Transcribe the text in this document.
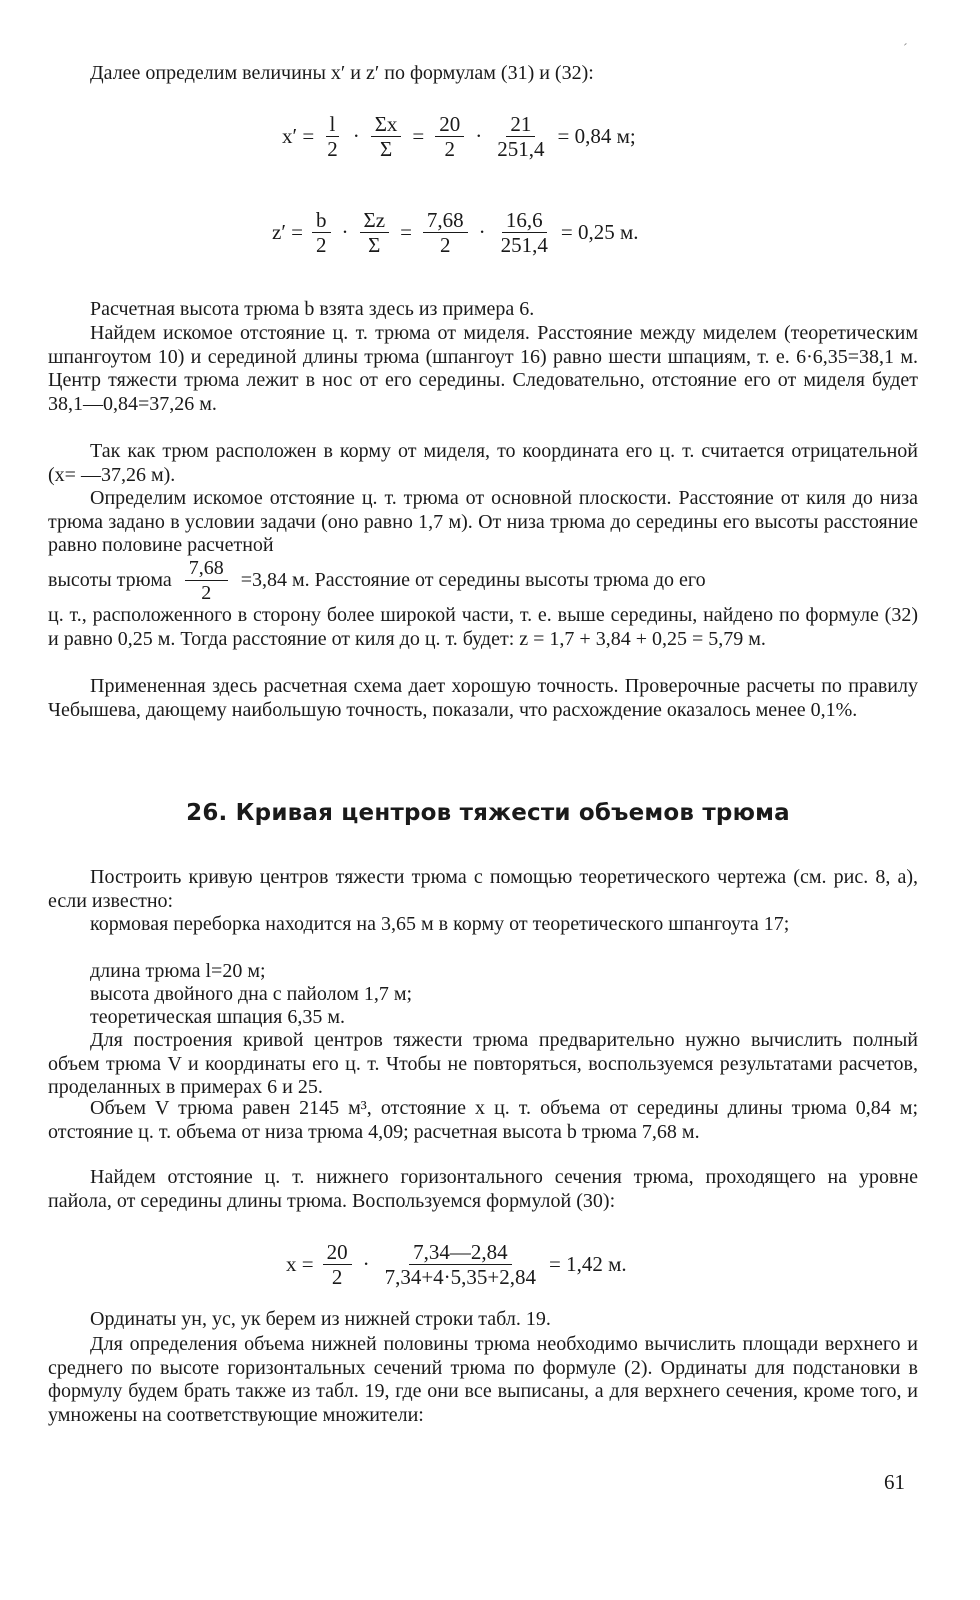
ˊ

Далее определим величины x′ и z′ по формулам (31) и (32):

$x' = \frac{l}{2} \cdot \frac{\Sigma x}{\Sigma} = \frac{20}{2} \cdot \frac{21}{251,4} = 0,84$ м;
$z' = \frac{b}{2} \cdot \frac{\Sigma z}{\Sigma} = \frac{7,68}{2} \cdot \frac{16,6}{251,4} = 0,25$ м.

Расчетная высота трюма b взята здесь из примера 6.

Найдем искомое отстояние ц. т. трюма от миделя. Расстояние между миделем (теоретическим шпангоутом 10) и серединой длины трюма (шпангоут 16) равно шести шпациям, т. е. 6·6,35=38,1 м. Центр тяжести трюма лежит в нос от его середины. Следовательно, отстояние его от миделя будет 38,1—0,84=37,26 м.

Так как трюм расположен в корму от миделя, то координата его ц. т. считается отрицательной (x= —37,26 м).

Определим искомое отстояние ц. т. трюма от основной плоскости. Расстояние от киля до низа трюма задано в условии задачи (оно равно 1,7 м). От низа трюма до середины его высоты расстояние равно половине расчетной

высоты трюма $\frac{7,68}{2} =3,84$ м. Расстояние от середины высоты трюма до его

ц. т., расположенного в сторону более широкой части, т. е. выше середины, найдено по формуле (32) и равно 0,25 м. Тогда расстояние от киля до ц. т. будет: z = 1,7 + 3,84 + 0,25 = 5,79 м.

Примененная здесь расчетная схема дает хорошую точность. Проверочные расчеты по правилу Чебышева, дающему наибольшую точность, показали, что расхождение оказалось менее 0,1%.

26. Кривая центров тяжести объемов трюма

Построить кривую центров тяжести трюма с помощью теоретического чертежа (см. рис. 8, a), если известно:

кормовая переборка находится на 3,65 м в корму от теоретического шпангоута 17;

длина трюма l=20 м;

высота двойного дна с пайолом 1,7 м;

теоретическая шпация 6,35 м.

Для построения кривой центров тяжести трюма предварительно нужно вычислить полный объем трюма V и координаты его ц. т. Чтобы не повторяться, воспользуемся результатами расчетов, проделанных в примерах 6 и 25.

Объем V трюма равен 2145 м³, отстояние x ц. т. объема от середины длины трюма 0,84 м; отстояние ц. т. объема от низа трюма 4,09; расчетная высота b трюма 7,68 м.

Найдем отстояние ц. т. нижнего горизонтального сечения трюма, проходящего на уровне пайола, от середины длины трюма. Воспользуемся формулой (30):

$x = \frac{20}{2} \cdot \frac{7,34—2,84}{7,34+4\cdot 5,35+2,84} = 1,42$ м.

Ординаты yн, yс, yк берем из нижней строки табл. 19.

Для определения объема нижней половины трюма необходимо вычислить площади верхнего и среднего по высоте горизонтальных сечений трюма по формуле (2). Ординаты для подстановки в формулу будем брать также из табл. 19, где они все выписаны, а для верхнего сечения, кроме того, и умножены на соответствующие множители:

61
